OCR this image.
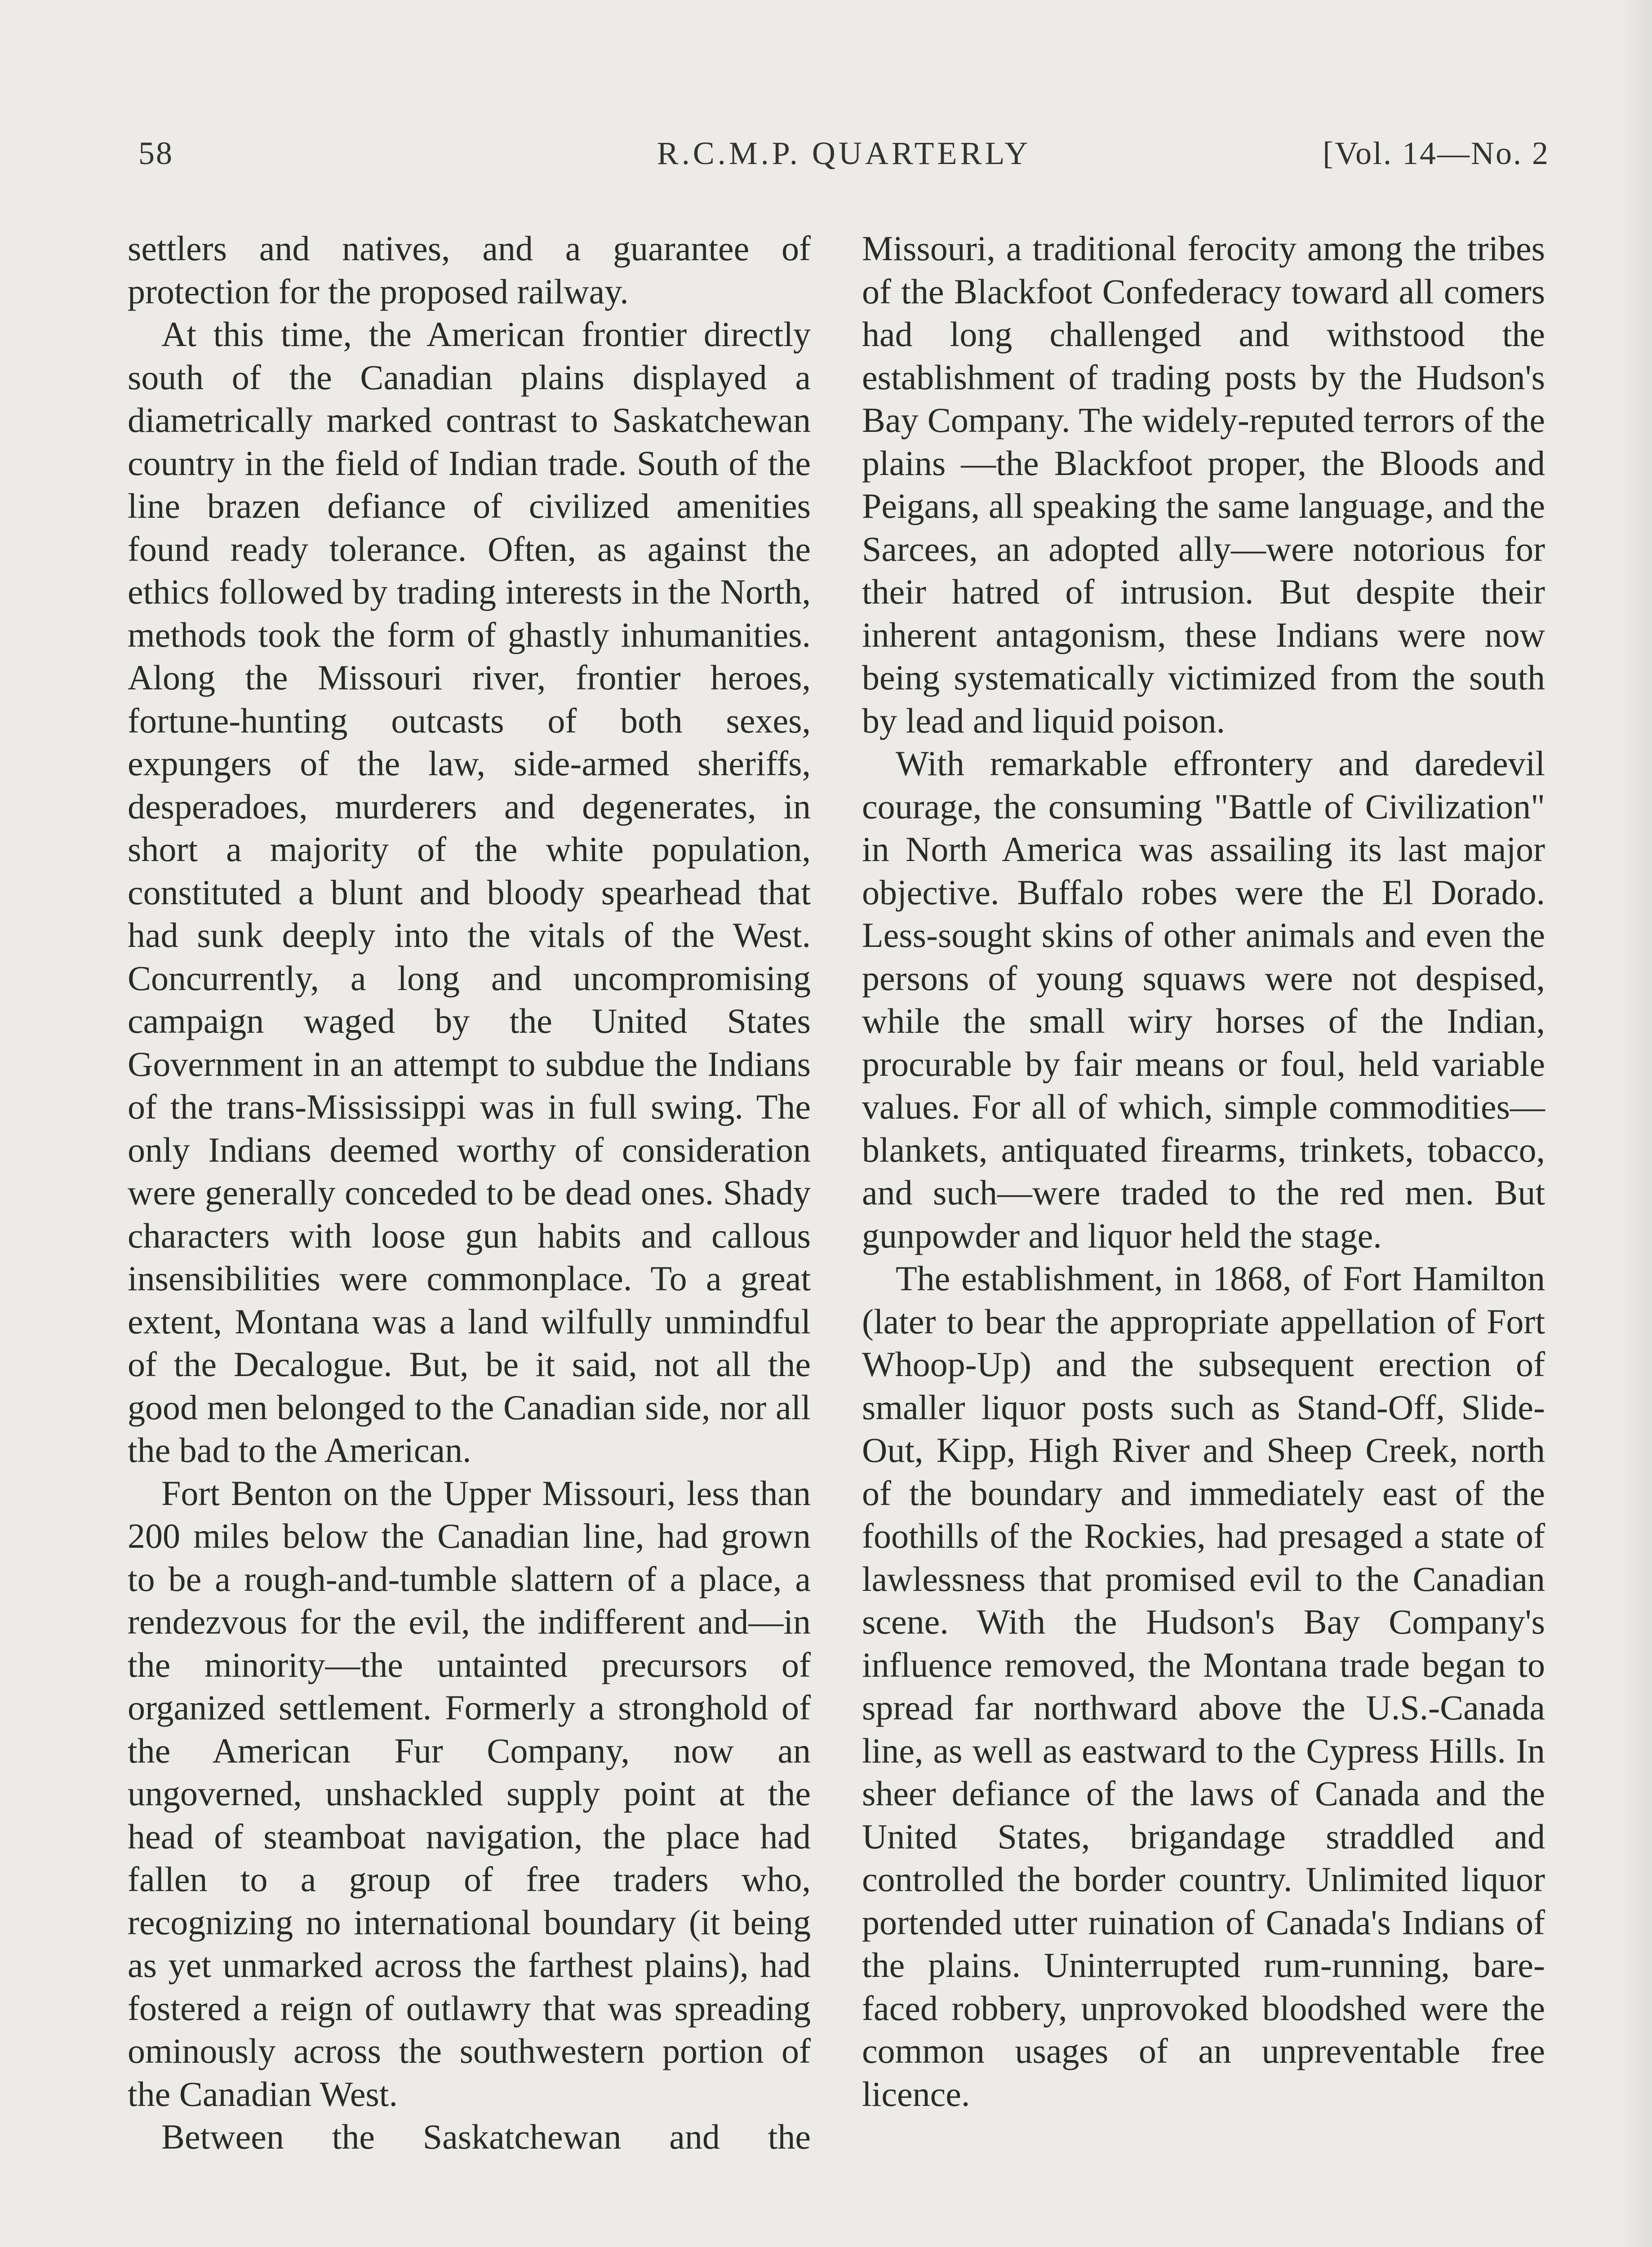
58	R.C.M.P. QUARTERLY	[Vol. 14—No. 2

settlers and natives, and a guarantee of protection for the proposed railway.

At this time, the American frontier directly south of the Canadian plains displayed a diametrically marked contrast to Saskatchewan country in the field of Indian trade. South of the line brazen defiance of civilized amenities found ready tolerance. Often, as against the ethics followed by trading interests in the North, methods took the form of ghastly inhumanities. Along the Missouri river, frontier heroes, fortune-hunting outcasts of both sexes, expungers of the law, side-armed sheriffs, desperadoes, murderers and degenerates, in short a majority of the white population, constituted a blunt and bloody spearhead that had sunk deeply into the vitals of the West. Concurrently, a long and uncompromising campaign waged by the United States Government in an attempt to subdue the Indians of the trans-Mississippi was in full swing. The only Indians deemed worthy of consideration were generally conceded to be dead ones. Shady characters with loose gun habits and callous insensibilities were commonplace. To a great extent, Montana was a land wilfully unmindful of the Decalogue. But, be it said, not all the good men belonged to the Canadian side, nor all the bad to the American.

Fort Benton on the Upper Missouri, less than 200 miles below the Canadian line, had grown to be a rough-and-tumble slattern of a place, a rendezvous for the evil, the indifferent and—in the minority—the untainted precursors of organized settlement. Formerly a stronghold of the American Fur Company, now an ungoverned, unshackled supply point at the head of steamboat navigation, the place had fallen to a group of free traders who, recognizing no international boundary (it being as yet unmarked across the farthest plains), had fostered a reign of outlawry that was spreading ominously across the southwestern portion of the Canadian West.

Between the Saskatchewan and the

Missouri, a traditional ferocity among the tribes of the Blackfoot Confederacy toward all comers had long challenged and withstood the establishment of trading posts by the Hudson's Bay Company. The widely-reputed terrors of the plains —the Blackfoot proper, the Bloods and Peigans, all speaking the same language, and the Sarcees, an adopted ally—were notorious for their hatred of intrusion. But despite their inherent antagonism, these Indians were now being systematically victimized from the south by lead and liquid poison.

With remarkable effrontery and daredevil courage, the consuming "Battle of Civilization" in North America was assailing its last major objective. Buffalo robes were the El Dorado. Less-sought skins of other animals and even the persons of young squaws were not despised, while the small wiry horses of the Indian, procurable by fair means or foul, held variable values. For all of which, simple commodities—blankets, antiquated firearms, trinkets, tobacco, and such—were traded to the red men. But gunpowder and liquor held the stage.

The establishment, in 1868, of Fort Hamilton (later to bear the appropriate appellation of Fort Whoop-Up) and the subsequent erection of smaller liquor posts such as Stand-Off, Slide-Out, Kipp, High River and Sheep Creek, north of the boundary and immediately east of the foothills of the Rockies, had presaged a state of lawlessness that promised evil to the Canadian scene. With the Hudson's Bay Company's influence removed, the Montana trade began to spread far northward above the U.S.-Canada line, as well as eastward to the Cypress Hills. In sheer defiance of the laws of Canada and the United States, brigandage straddled and controlled the border country. Unlimited liquor portended utter ruination of Canada's Indians of the plains. Uninterrupted rum-running, bare-faced robbery, unprovoked bloodshed were the common usages of an unpreventable free licence.
